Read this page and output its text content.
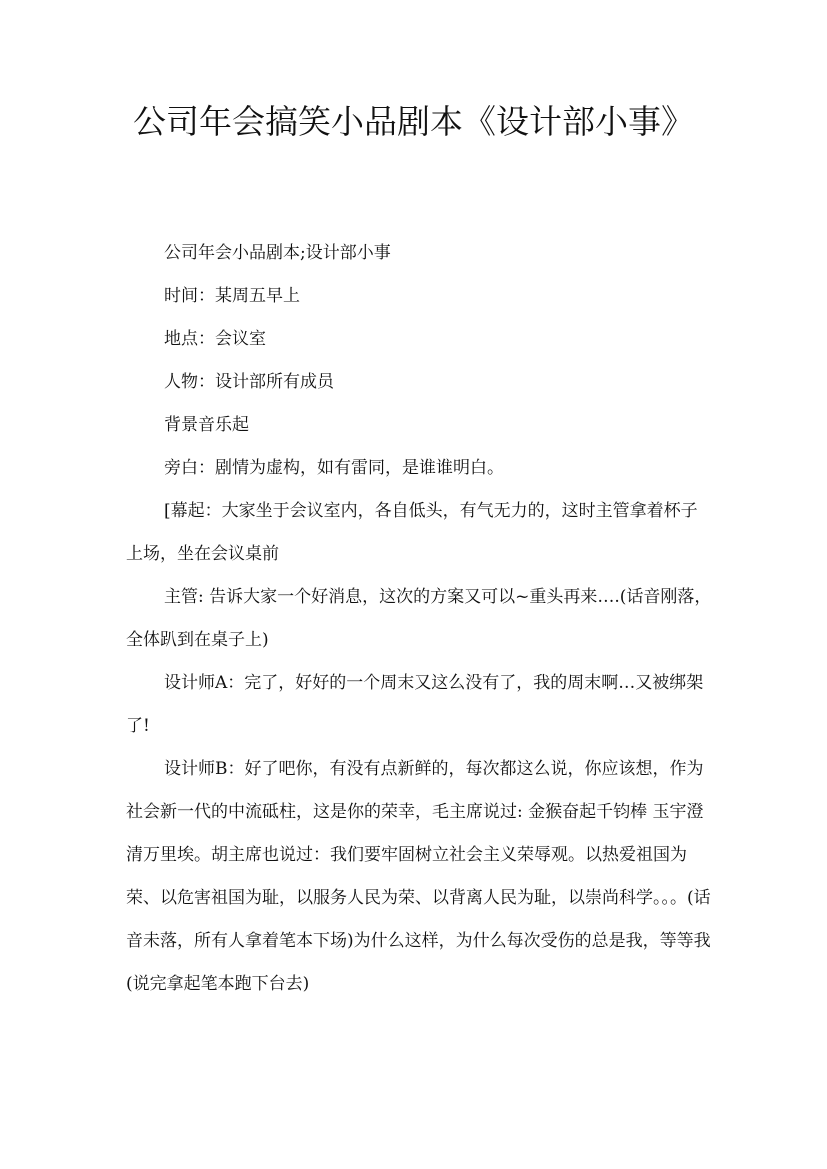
公司年会搞笑小品剧本《设计部小事》

公司年会小品剧本;设计部小事

时间：某周五早上

地点：会议室

人物：设计部所有成员

背景音乐起

旁白：剧情为虚构，如有雷同，是谁谁明白。

[幕起：大家坐于会议室内，各自低头，有气无力的，这时主管拿着杯子上场，坐在会议桌前

主管: 告诉大家一个好消息，这次的方案又可以~重头再来….(话音刚落，全体趴到在桌子上)

设计师A：完了，好好的一个周末又这么没有了，我的周末啊…又被绑架了!

设计师B：好了吧你，有没有点新鲜的，每次都这么说，你应该想，作为社会新一代的中流砥柱，这是你的荣幸，毛主席说过: 金猴奋起千钧棒 玉宇澄清万里埃。胡主席也说过：我们要牢固树立社会主义荣辱观。以热爱祖国为荣、以危害祖国为耻，以服务人民为荣、以背离人民为耻，以崇尚科学。。。(话音未落，所有人拿着笔本下场)为什么这样，为什么每次受伤的总是我，等等我(说完拿起笔本跑下台去)
